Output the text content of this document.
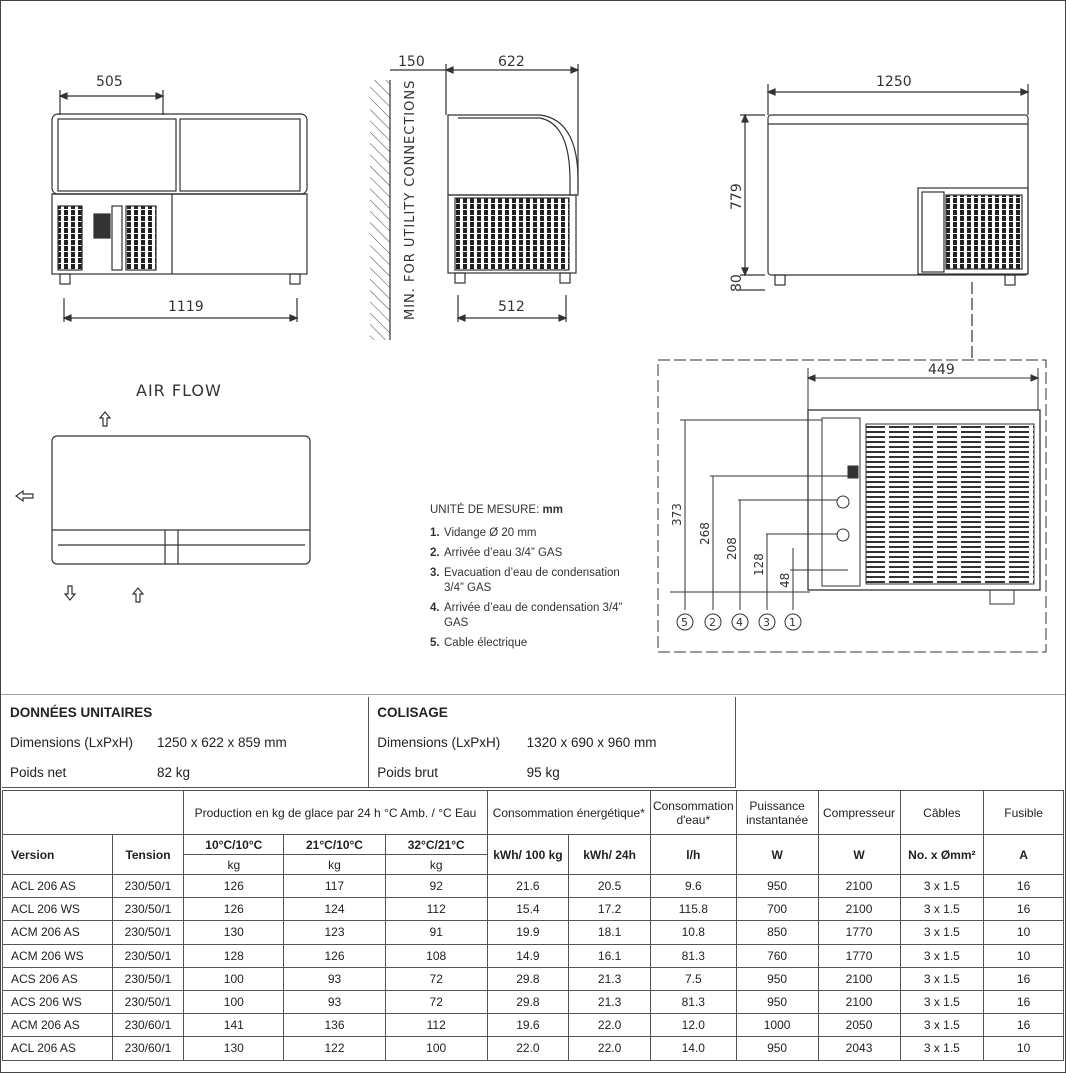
505
1119
150	622
512
MIN. FOR UTILITY CONNECTIONS	1250
779
80
AIR FLOW
449
373
268
208
128
48
5 2 4 3 1
UNITÉ DE MESURE: mm
1. Vidange Ø 20 mm
2. Arrivée d’eau 3/4” GAS
3. Evacuation d’eau de condensation 3/4” GAS
4. Arrivée d’eau de condensation 3/4” GAS
5. Cable électrique
DONNÉES UNITAIRES		COLISAGE	
Dimensions (LxPxH)	1250 x 622 x 859 mm	Dimensions (LxPxH)	1320 x 690 x 960 mm
Poids net	82 kg	Poids brut	95 kg
		Production en kg de glace par 24 h °C Amb. / °C Eau			Consommation énergétique*		Consommation d'eau*	Puissance instantanée	Compresseur	Câbles	Fusible
Version	Tension	10°C/10°C	21°C/10°C	32°C/21°C	kWh/ 100 kg	kWh/ 24h	l/h	W	W	No. x Ømm²	A
		kg	kg	kg							
ACL 206 AS	230/50/1	126	117	92	21.6	20.5	9.6	950	2100	3 x 1.5	16
ACL 206 WS	230/50/1	126	124	112	15.4	17.2	115.8	700	2100	3 x 1.5	16
ACM 206 AS	230/50/1	130	123	91	19.9	18.1	10.8	850	1770	3 x 1.5	10
ACM 206 WS	230/50/1	128	126	108	14.9	16.1	81.3	760	1770	3 x 1.5	10
ACS 206 AS	230/50/1	100	93	72	29.8	21.3	7.5	950	2100	3 x 1.5	16
ACS 206 WS	230/50/1	100	93	72	29.8	21.3	81.3	950	2100	3 x 1.5	16
ACM 206 AS	230/60/1	141	136	112	19.6	22.0	12.0	1000	2050	3 x 1.5	16
ACL 206 AS	230/60/1	130	122	100	22.0	22.0	14.0	950	2043	3 x 1.5	10
